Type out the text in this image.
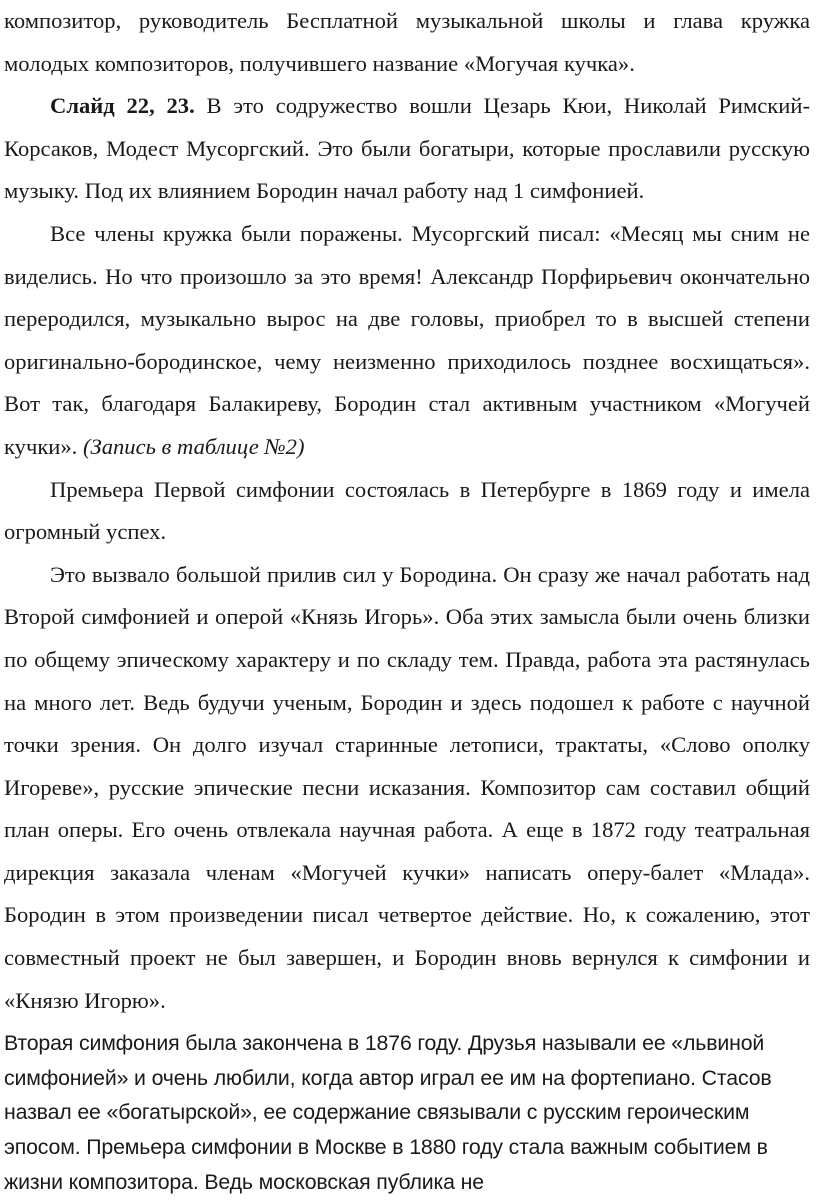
композитор, руководитель Бесплатной музыкальной школы и глава кружка молодых композиторов, получившего название «Могучая кучка».

Слайд 22, 23. В это содружество вошли Цезарь Кюи, Николай Римский-Корсаков, Модест Мусоргский. Это были богатыри, которые прославили русскую музыку. Под их влиянием Бородин начал работу над 1 симфонией.

Все члены кружка были поражены. Мусоргский писал: «Месяц мы сним не виделись. Но что произошло за это время! Александр Порфирьевич окончательно переродился, музыкально вырос на две головы, приобрел то в высшей степени оригинально-бородинское, чему неизменно приходилось позднее восхищаться». Вот так, благодаря Балакиреву, Бородин стал активным участником «Могучей кучки». (Запись в таблице №2)

Премьера Первой симфонии состоялась в Петербурге в 1869 году и имела огромный успех.

Это вызвало большой прилив сил у Бородина. Он сразу же начал работать над Второй симфонией и оперой «Князь Игорь». Оба этих замысла были очень близки по общему эпическому характеру и по складу тем. Правда, работа эта растянулась на много лет. Ведь будучи ученым, Бородин и здесь подошел к работе с научной точки зрения. Он долго изучал старинные летописи, трактаты, «Слово ополку Игореве», русские эпические песни исказания. Композитор сам составил общий план оперы. Его очень отвлекала научная работа. А еще в 1872 году театральная дирекция заказала членам «Могучей кучки» написать оперу-балет «Млада». Бородин в этом произведении писал четвертое действие. Но, к сожалению, этот совместный проект не был завершен, и Бородин вновь вернулся к симфонии и «Князю Игорю».

Вторая симфония была закончена в 1876 году. Друзья называли ее «львиной симфонией» и очень любили, когда автор играл ее им на фортепиано. Стасов назвал ее «богатырской», ее содержание связывали с русским героическим эпосом. Премьера симфонии в Москве в 1880 году стала важным событием в жизни композитора. Ведь московская публика не
